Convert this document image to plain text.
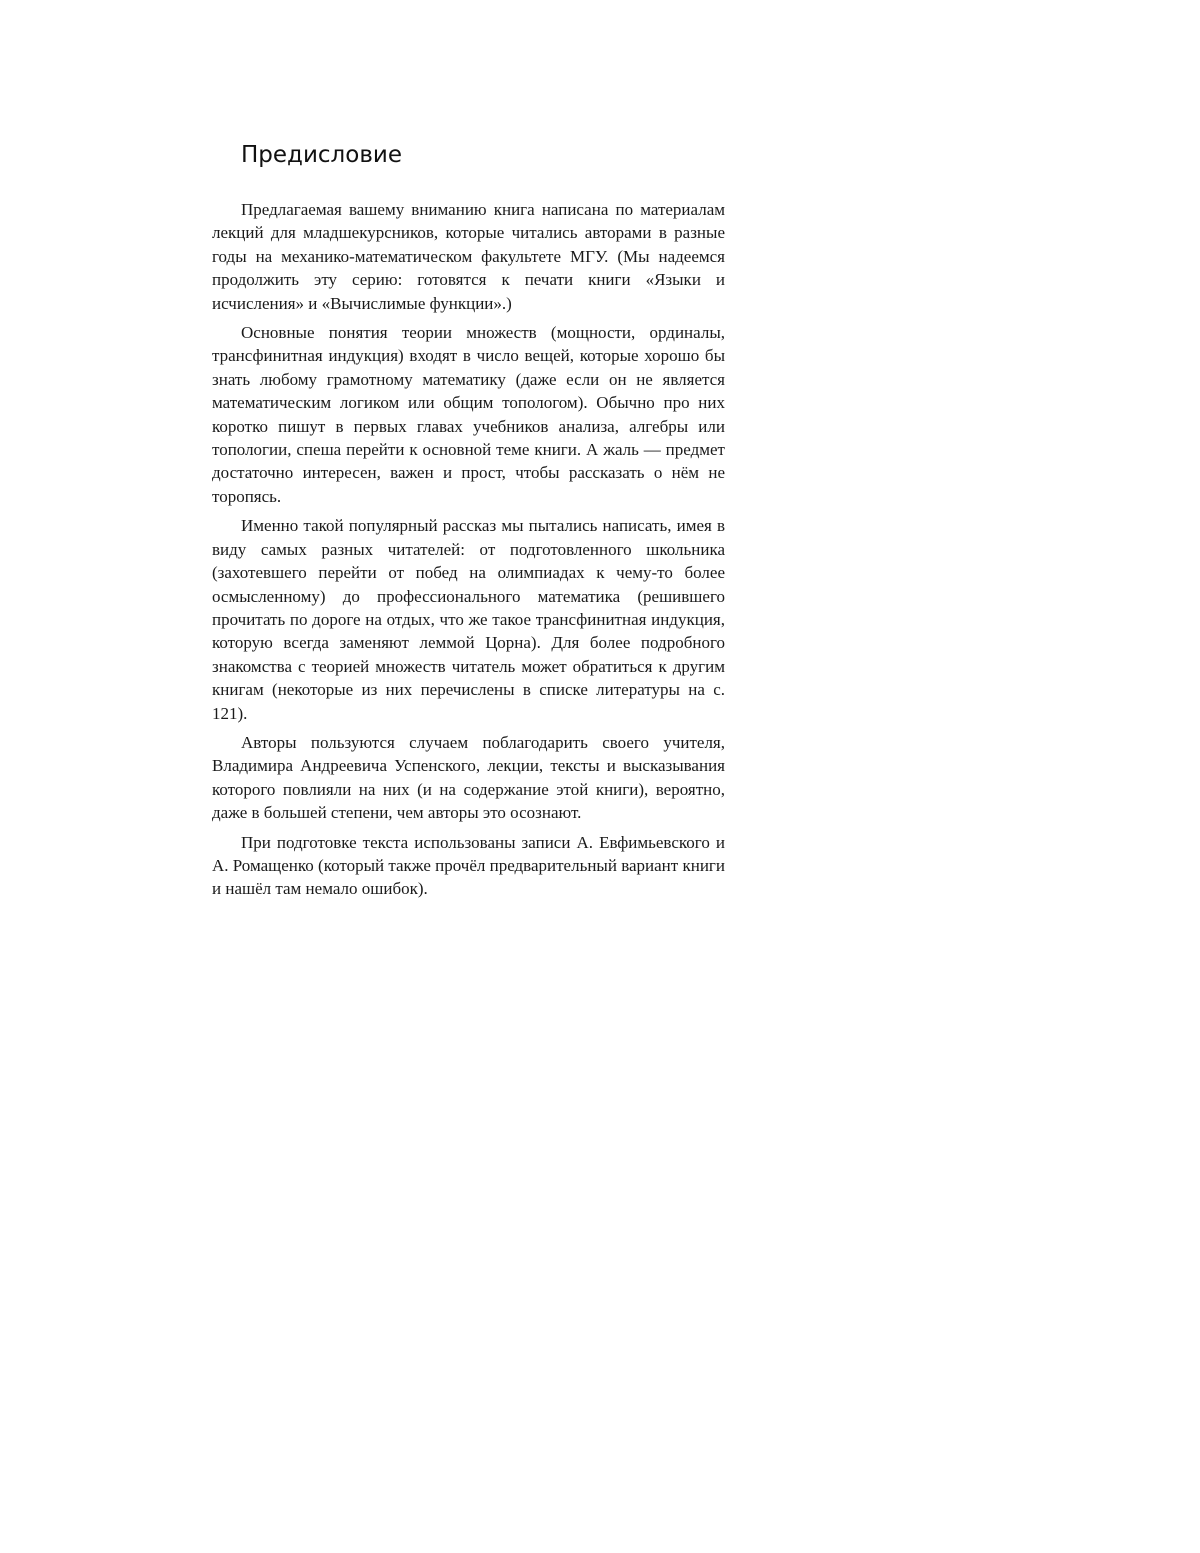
Предисловие

Предлагаемая вашему вниманию книга написана по материалам лекций для младшекурсников, которые читались авторами в разные годы на механико-математическом факультете МГУ. (Мы надеемся продолжить эту серию: готовятся к печати книги «Языки и исчисления» и «Вычислимые функции».)

Основные понятия теории множеств (мощности, ординалы, трансфинитная индукция) входят в число вещей, которые хорошо бы знать любому грамотному математику (даже если он не является математическим логиком или общим топологом). Обычно про них коротко пишут в первых главах учебников анализа, алгебры или топологии, спеша перейти к основной теме книги. А жаль — предмет достаточно интересен, важен и прост, чтобы рассказать о нём не торопясь.

Именно такой популярный рассказ мы пытались написать, имея в виду самых разных читателей: от подготовленного школьника (захотевшего перейти от побед на олимпиадах к чему-то более осмысленному) до профессионального математика (решившего прочитать по дороге на отдых, что же такое трансфинитная индукция, которую всегда заменяют леммой Цорна). Для более подробного знакомства с теорией множеств читатель может обратиться к другим книгам (некоторые из них перечислены в списке литературы на с. 121).

Авторы пользуются случаем поблагодарить своего учителя, Владимира Андреевича Успенского, лекции, тексты и высказывания которого повлияли на них (и на содержание этой книги), вероятно, даже в большей степени, чем авторы это осознают.

При подготовке текста использованы записи А. Евфимьевского и А. Ромащенко (который также прочёл предварительный вариант книги и нашёл там немало ошибок).
